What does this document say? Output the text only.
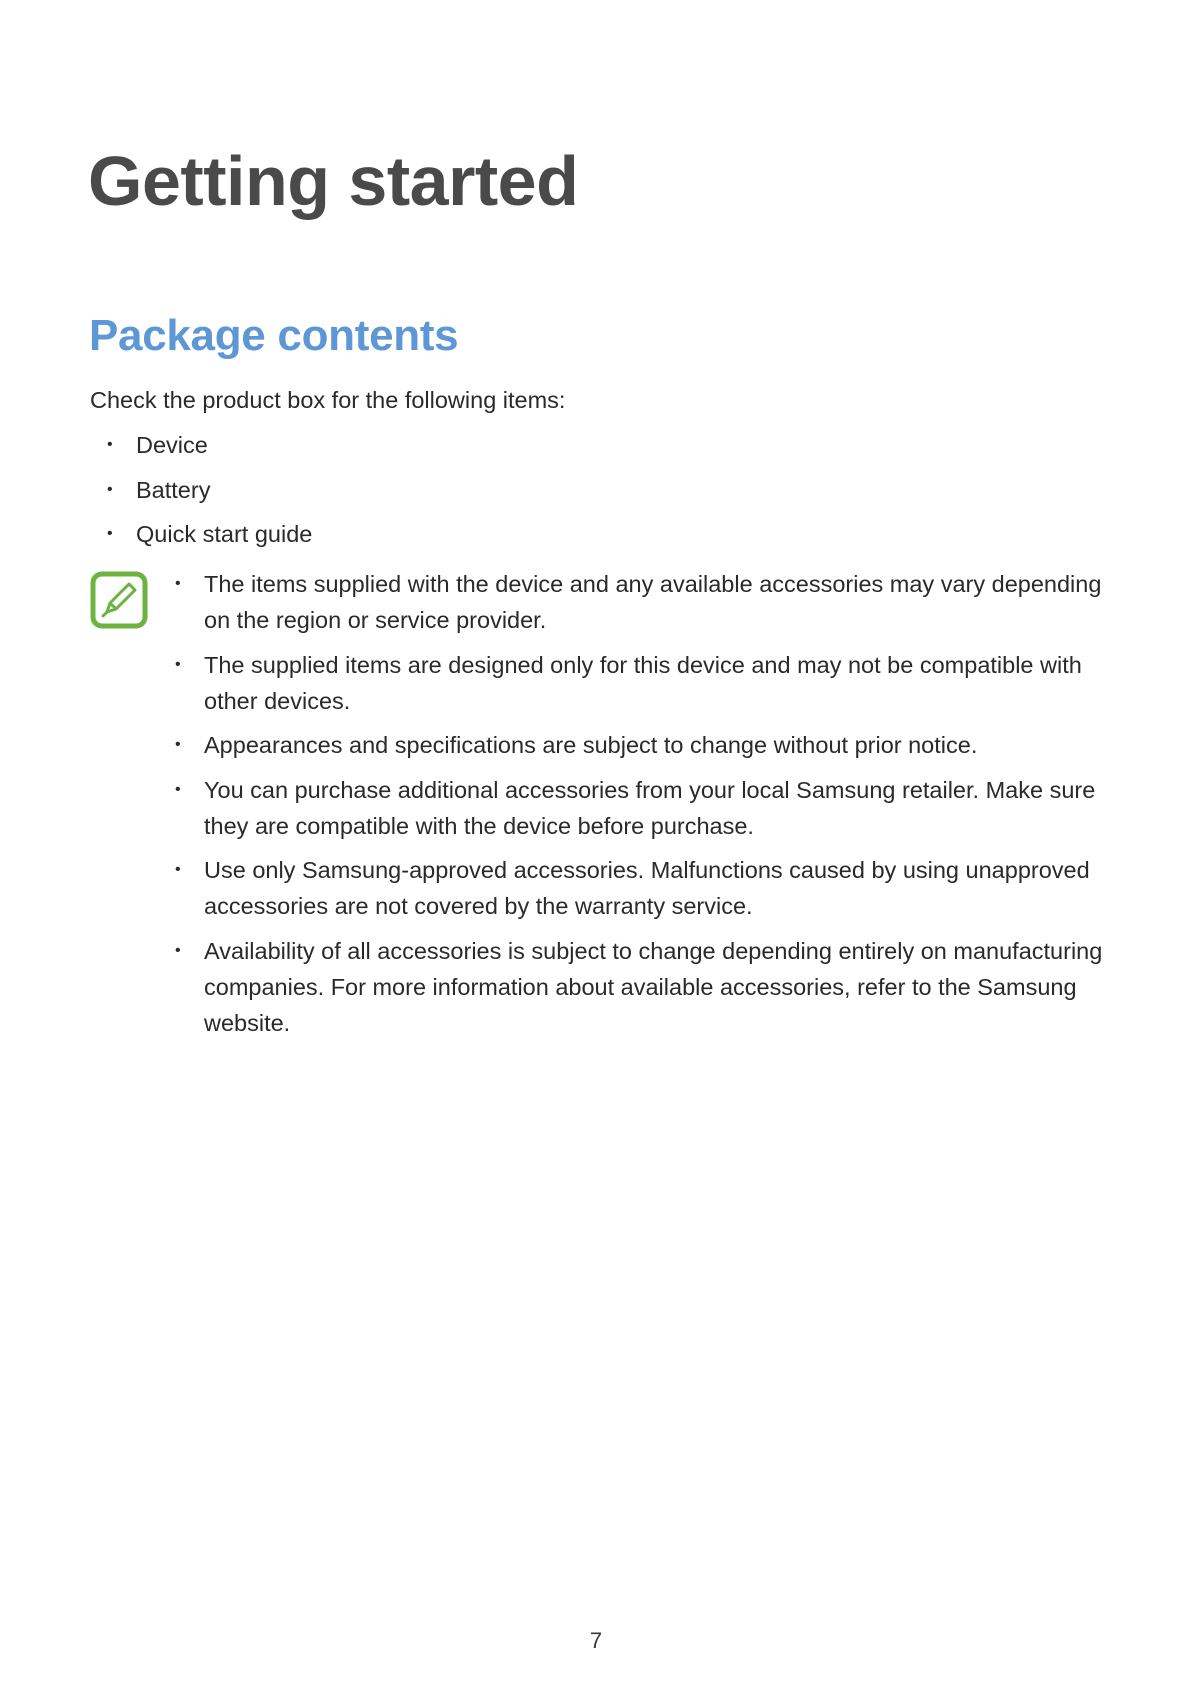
Getting started
Package contents

Check the product box for the following items:

• Device
• Battery
• Quick start guide
• The items supplied with the device and any available accessories may vary depending on the region or service provider.
• The supplied items are designed only for this device and may not be compatible with other devices.
• Appearances and specifications are subject to change without prior notice.
• You can purchase additional accessories from your local Samsung retailer. Make sure they are compatible with the device before purchase.
• Use only Samsung-approved accessories. Malfunctions caused by using unapproved accessories are not covered by the warranty service.
• Availability of all accessories is subject to change depending entirely on manufacturing companies. For more information about available accessories, refer to the Samsung website.
7
